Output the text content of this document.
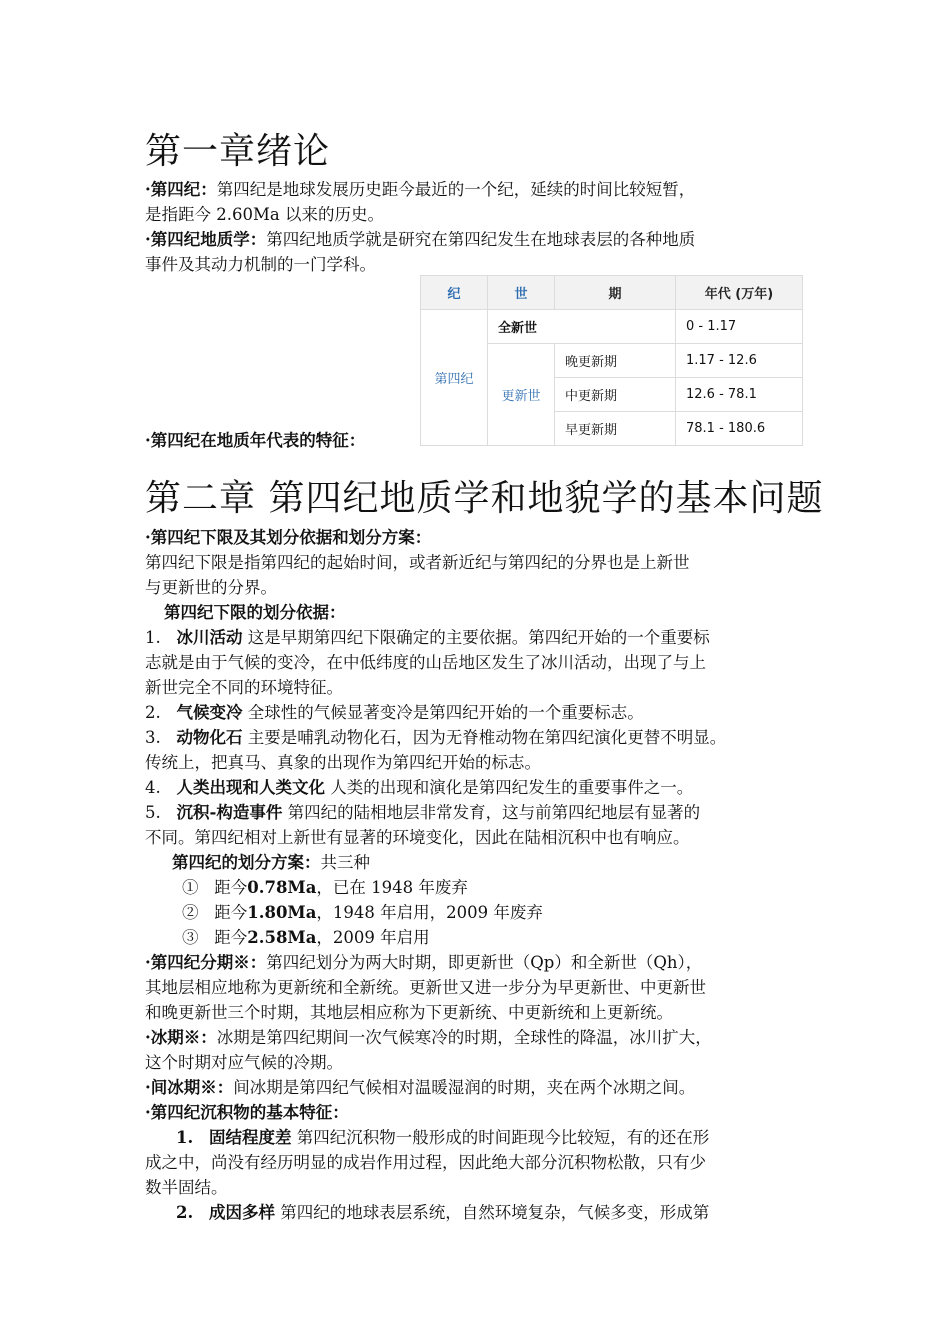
第一章绪论
·第四纪：第四纪是地球发展历史距今最近的一个纪，延续的时间比较短暂，
是指距今 2.60Ma 以来的历史。
·第四纪地质学：第四纪地质学就是研究在第四纪发生在地球表层的各种地质
事件及其动力机制的一门学科。
纪	世	期	年代 (万年)
第四纪	全新世		0 - 1.17
	更新世	晚更新期	1.17 - 12.6
		中更新期	12.6 - 78.1
		早更新期	78.1 - 180.6
·第四纪在地质年代表的特征：
第二章 第四纪地质学和地貌学的基本问题
·第四纪下限及其划分依据和划分方案：
第四纪下限是指第四纪的起始时间，或者新近纪与第四纪的分界也是上新世
与更新世的分界。
第四纪下限的划分依据：
1. 冰川活动 这是早期第四纪下限确定的主要依据。第四纪开始的一个重要标
志就是由于气候的变冷，在中低纬度的山岳地区发生了冰川活动，出现了与上
新世完全不同的环境特征。
2. 气候变冷 全球性的气候显著变冷是第四纪开始的一个重要标志。
3. 动物化石 主要是哺乳动物化石，因为无脊椎动物在第四纪演化更替不明显。
传统上，把真马、真象的出现作为第四纪开始的标志。
4. 人类出现和人类文化 人类的出现和演化是第四纪发生的重要事件之一。
5. 沉积-构造事件 第四纪的陆相地层非常发育，这与前第四纪地层有显著的
不同。第四纪相对上新世有显著的环境变化，因此在陆相沉积中也有响应。
第四纪的划分方案：共三种
① 距今0.78Ma，已在 1948 年废弃
② 距今1.80Ma，1948 年启用，2009 年废弃
③ 距今2.58Ma，2009 年启用
·第四纪分期※：第四纪划分为两大时期，即更新世（Qp）和全新世（Qh），
其地层相应地称为更新统和全新统。更新世又进一步分为早更新世、中更新世
和晚更新世三个时期，其地层相应称为下更新统、中更新统和上更新统。
·冰期※：冰期是第四纪期间一次气候寒冷的时期，全球性的降温，冰川扩大，
这个时期对应气候的冷期。
·间冰期※：间冰期是第四纪气候相对温暖湿润的时期，夹在两个冰期之间。
·第四纪沉积物的基本特征：
1. 固结程度差 第四纪沉积物一般形成的时间距现今比较短，有的还在形
成之中，尚没有经历明显的成岩作用过程，因此绝大部分沉积物松散，只有少
数半固结。
2. 成因多样 第四纪的地球表层系统，自然环境复杂，气候多变，形成第
